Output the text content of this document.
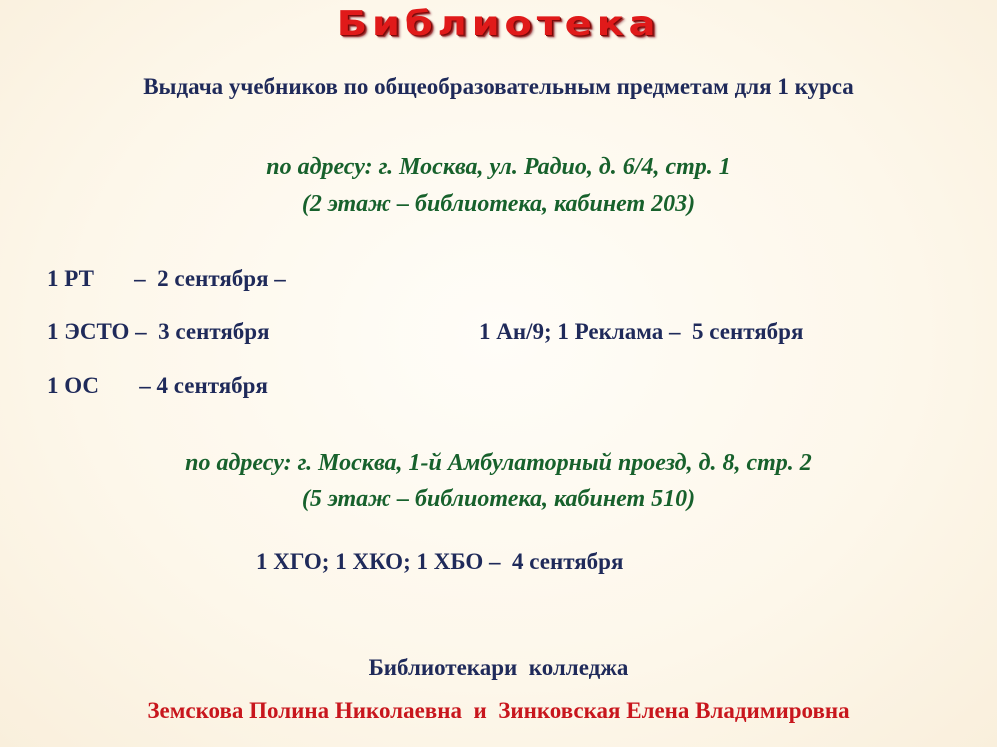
Библиотека
Выдача учебников по общеобразовательным предметам для 1 курса
по адресу: г. Москва, ул. Радио, д. 6/4, стр. 1
(2 этаж – библиотека, кабинет 203)
1 РТ       –  2 сентября –
1 ЭСТО –  3 сентября	1 Ан/9; 1 Реклама –  5 сентября
1 ОС       – 4 сентября
по адресу: г. Москва, 1-й Амбулаторный проезд, д. 8, стр. 2
(5 этаж – библиотека, кабинет 510)
1 ХГО; 1 ХКО; 1 ХБО –  4 сентября
Библиотекари  колледжа
Земскова Полина Николаевна  и  Зинковская Елена Владимировна
